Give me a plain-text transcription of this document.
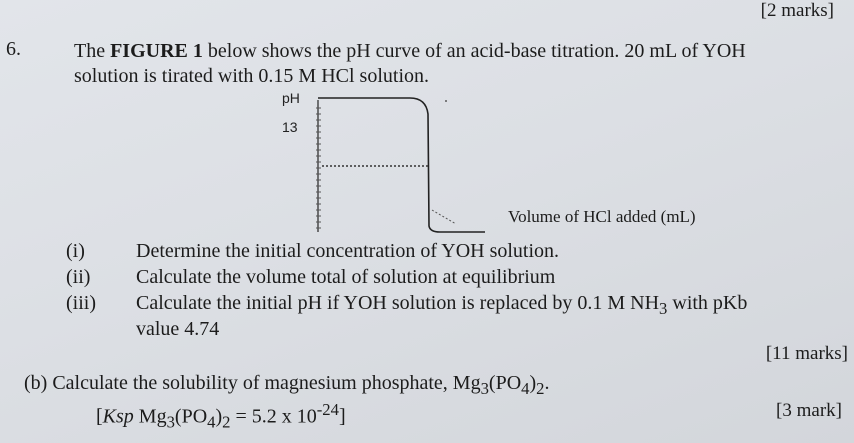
[2 marks]
6.	The FIGURE 1 below shows the pH curve of an acid-base titration. 20 mL of YOH
solution is tirated with 0.15 M HCl solution.
pH
13
Volume of HCl added (mL)
(i)	Determine the initial concentration of YOH solution.
(ii) Calculate the volume total of solution at equilibrium
(iii) Calculate the initial pH if YOH solution is replaced by 0.1 M $NH_3$ with pKb
value 4.74
[11 marks]
(b) Calculate the solubility of magnesium phosphate, $Mg_3(PO_4)_2$.
[Ksp $Mg_3(PO_4)_2 = 5.2$ x $10^{-24}$]	[3 mark]
